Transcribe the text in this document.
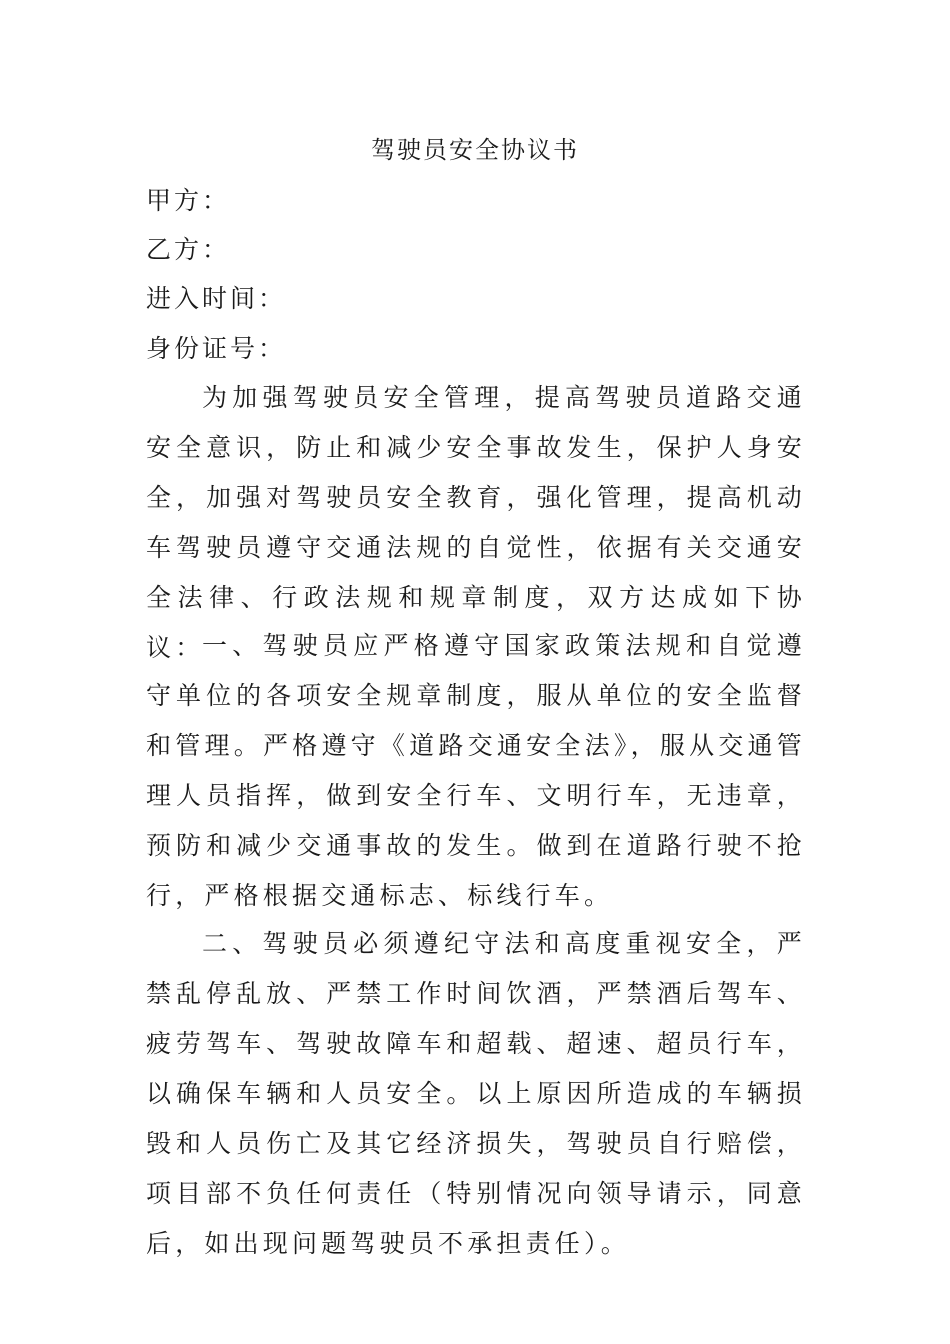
驾驶员安全协议书
甲方：
乙方：
进入时间：
身份证号：

为加强驾驶员安全管理，提高驾驶员道路交通安全意识，防止和减少安全事故发生，保护人身安全，加强对驾驶员安全教育，强化管理，提高机动车驾驶员遵守交通法规的自觉性，依据有关交通安全法律、行政法规和规章制度，双方达成如下协议：

一、驾驶员应严格遵守国家政策法规和自觉遵守单位的各项安全规章制度，服从单位的安全监督和管理。严格遵守《道路交通安全法》，服从交通管理人员指挥，做到安全行车、文明行车，无违章，预防和减少交通事故的发生。做到在道路行驶不抢行，严格根据交通标志、标线行车。

二、驾驶员必须遵纪守法和高度重视安全，严禁乱停乱放、严禁工作时间饮酒，严禁酒后驾车、疲劳驾车、驾驶故障车和超载、超速、超员行车，以确保车辆和人员安全。以上原因所造成的车辆损毁和人员伤亡及其它经济损失，驾驶员自行赔偿，项目部不负任何责任（特别情况向领导请示，同意后，如出现问题驾驶员不承担责任）。
